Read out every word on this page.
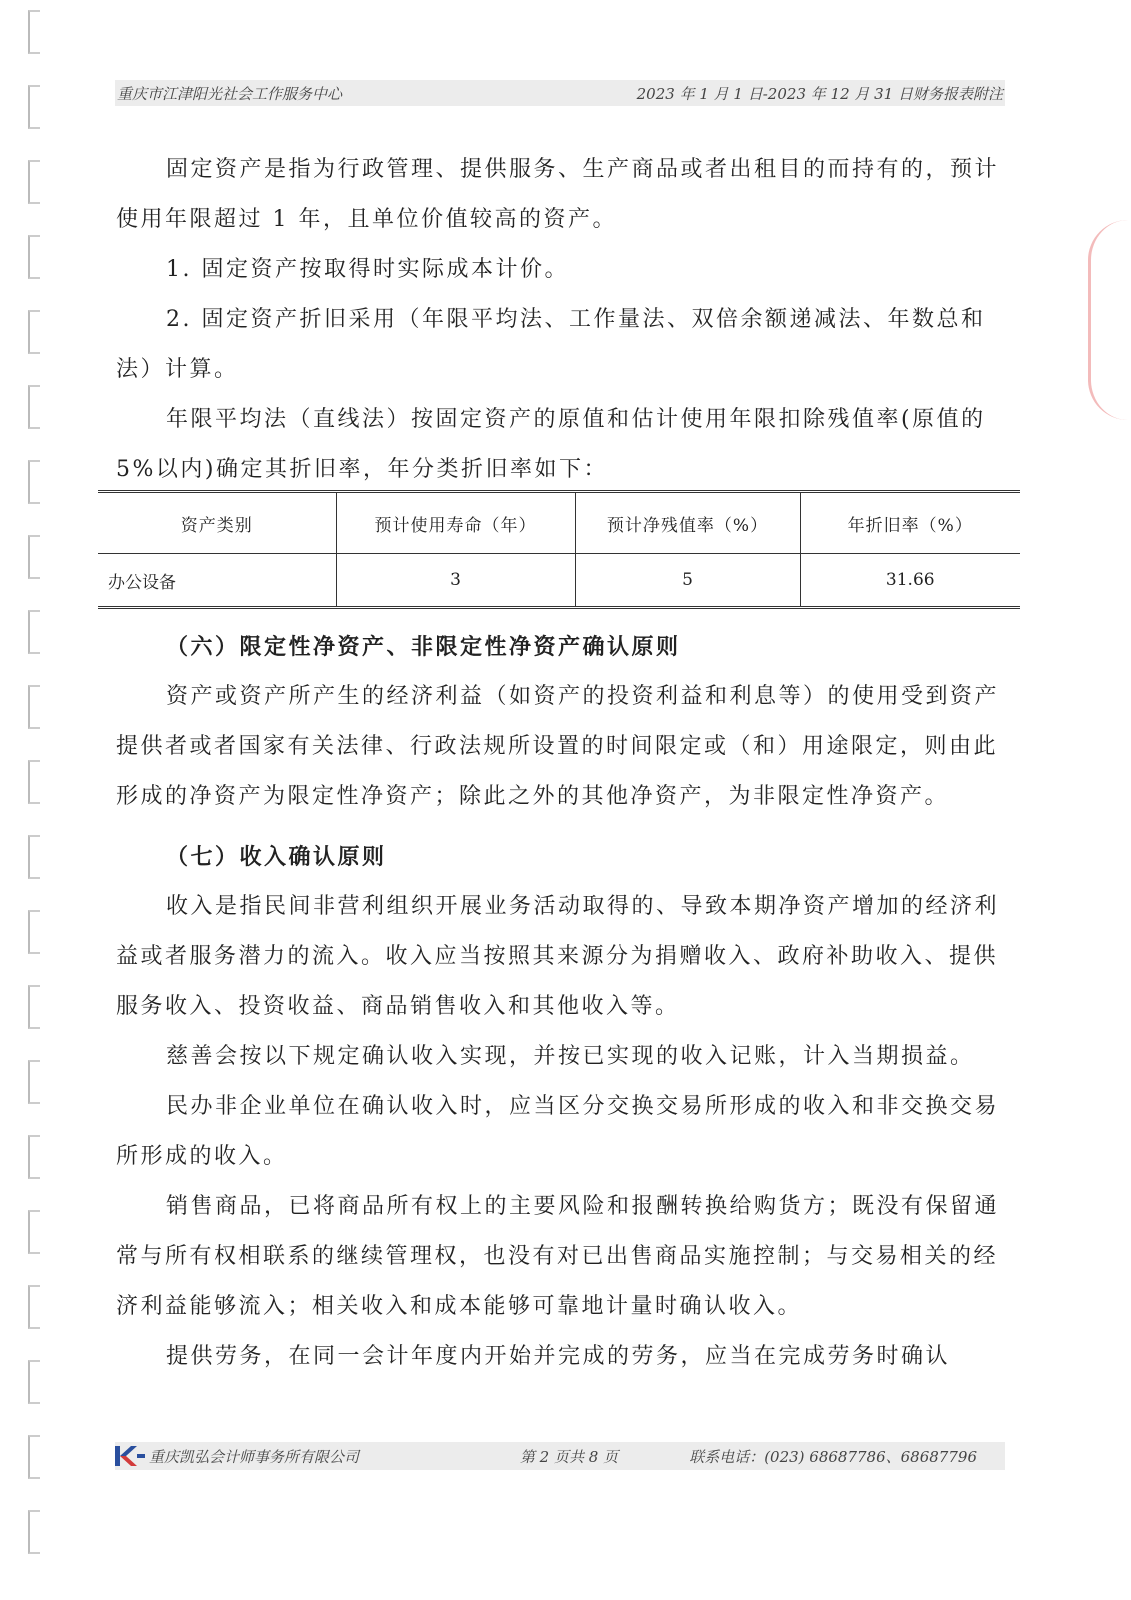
重庆市江津阳光社会工作服务中心	2023 年 1 月 1 日-2023 年 12 月 31 日财务报表附注

固定资产是指为行政管理、提供服务、生产商品或者出租目的而持有的，预计使用年限超过 1 年，且单位价值较高的资产。

1. 固定资产按取得时实际成本计价。

2. 固定资产折旧采用（年限平均法、工作量法、双倍余额递减法、年数总和法）计算。

年限平均法（直线法）按固定资产的原值和估计使用年限扣除残值率(原值的 5%以内)确定其折旧率，年分类折旧率如下：

资产类别	预计使用寿命（年）	预计净残值率（%）	年折旧率（%）
办公设备	3	5	31.66
（六）限定性净资产、非限定性净资产确认原则

资产或资产所产生的经济利益（如资产的投资利益和利息等）的使用受到资产提供者或者国家有关法律、行政法规所设置的时间限定或（和）用途限定，则由此形成的净资产为限定性净资产；除此之外的其他净资产，为非限定性净资产。

（七）收入确认原则

收入是指民间非营利组织开展业务活动取得的、导致本期净资产增加的经济利益或者服务潜力的流入。收入应当按照其来源分为捐赠收入、政府补助收入、提供服务收入、投资收益、商品销售收入和其他收入等。

慈善会按以下规定确认收入实现，并按已实现的收入记账，计入当期损益。

民办非企业单位在确认收入时，应当区分交换交易所形成的收入和非交换交易所形成的收入。

销售商品，已将商品所有权上的主要风险和报酬转换给购货方；既没有保留通常与所有权相联系的继续管理权，也没有对已出售商品实施控制；与交易相关的经济利益能够流入；相关收入和成本能够可靠地计量时确认收入。

提供劳务，在同一会计年度内开始并完成的劳务，应当在完成劳务时确认

重庆凯弘会计师事务所有限公司	第 2 页共 8 页	联系电话：(023) 68687786、68687796
